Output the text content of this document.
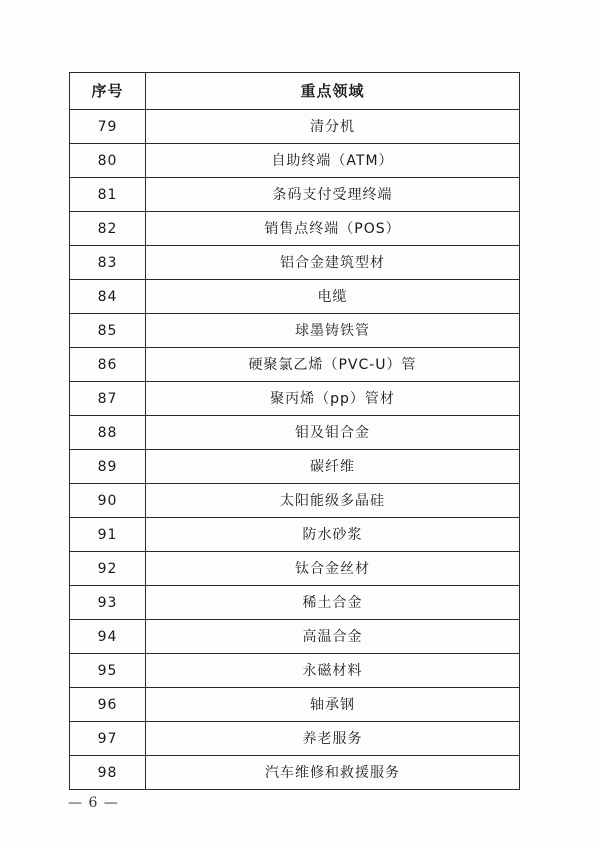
序号	重点领域
79	清分机
80	自助终端（ATM）
81	条码支付受理终端
82	销售点终端（POS）
83	铝合金建筑型材
84	电缆
85	球墨铸铁管
86	硬聚氯乙烯（PVC-U）管
87	聚丙烯（pp）管材
88	钼及钼合金
89	碳纤维
90	太阳能级多晶硅
91	防水砂浆
92	钛合金丝材
93	稀土合金
94	高温合金
95	永磁材料
96	轴承钢
97	养老服务
98	汽车维修和救援服务
— 6 —
